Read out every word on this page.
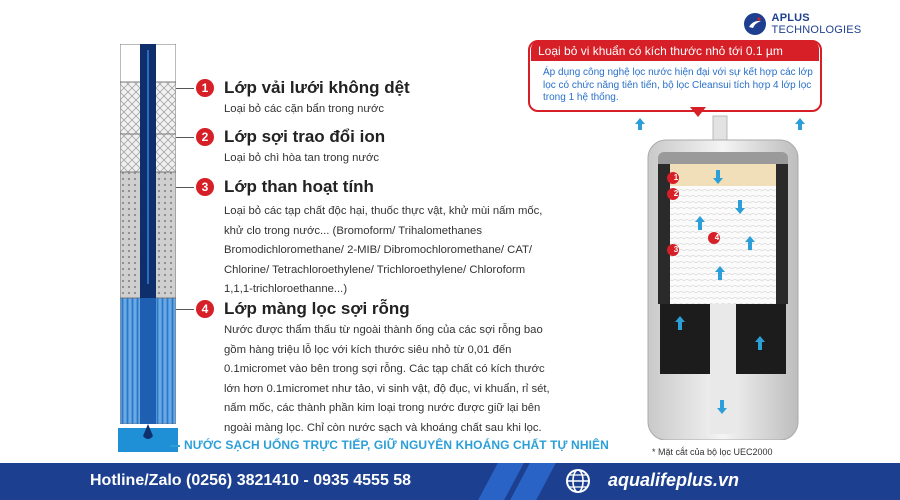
APLUS TECHNOLOGIES
1
2
3
4
Lớp vải lưới không dệt
Lớp sợi trao đổi ion
Lớp than hoạt tính
Lớp màng lọc sợi rỗng
Loại bỏ các cặn bẩn trong nước
Loại bỏ chì hòa tan trong nước
Loại bỏ các tạp chất độc hại, thuốc thực vật, khử mùi nấm mốc,
khử clo trong nước... (Bromoform/ Trihalomethanes
Bromodichloromethane/ 2-MIB/ Dibromochloromethane/ CAT/
Chlorine/ Tetrachloroethylene/ Trichloroethylene/ Chloroform
1,1,1-trichloroethanne...)
Nước được thẩm thấu từ ngoài thành ống của các sợi rỗng bao
gồm hàng triệu lỗ lọc với kích thước siêu nhỏ từ 0,01 đến
0.1micromet vào bên trong sợi rỗng. Các tạp chất có kích thước
lớn hơn 0.1micromet như tảo, vi sinh vật, độ đục, vi khuẩn, rỉ sét,
nấm mốc, các thành phần kim loại trong nước được giữ lại bên
ngoài màng lọc. Chỉ còn nước sạch và khoáng chất sau khi lọc.
NƯỚC SẠCH UỐNG TRỰC TIẾP, GIỮ NGUYÊN KHOÁNG CHẤT TỰ NHIÊN
Loại bỏ vi khuẩn có kích thước nhỏ tới 0.1 µm
Áp dụng công nghệ lọc nước hiện đại với sự kết hợp các lớp lọc có chức năng tiên tiến, bộ lọc Cleansui tích hợp 4 lớp lọc trong 1 hệ thống.
1
2
3
4
* Mặt cắt của bộ lọc UEC2000
Hotline/Zalo (0256) 3821410 - 0935 4555 58	aqualifeplus.vn
